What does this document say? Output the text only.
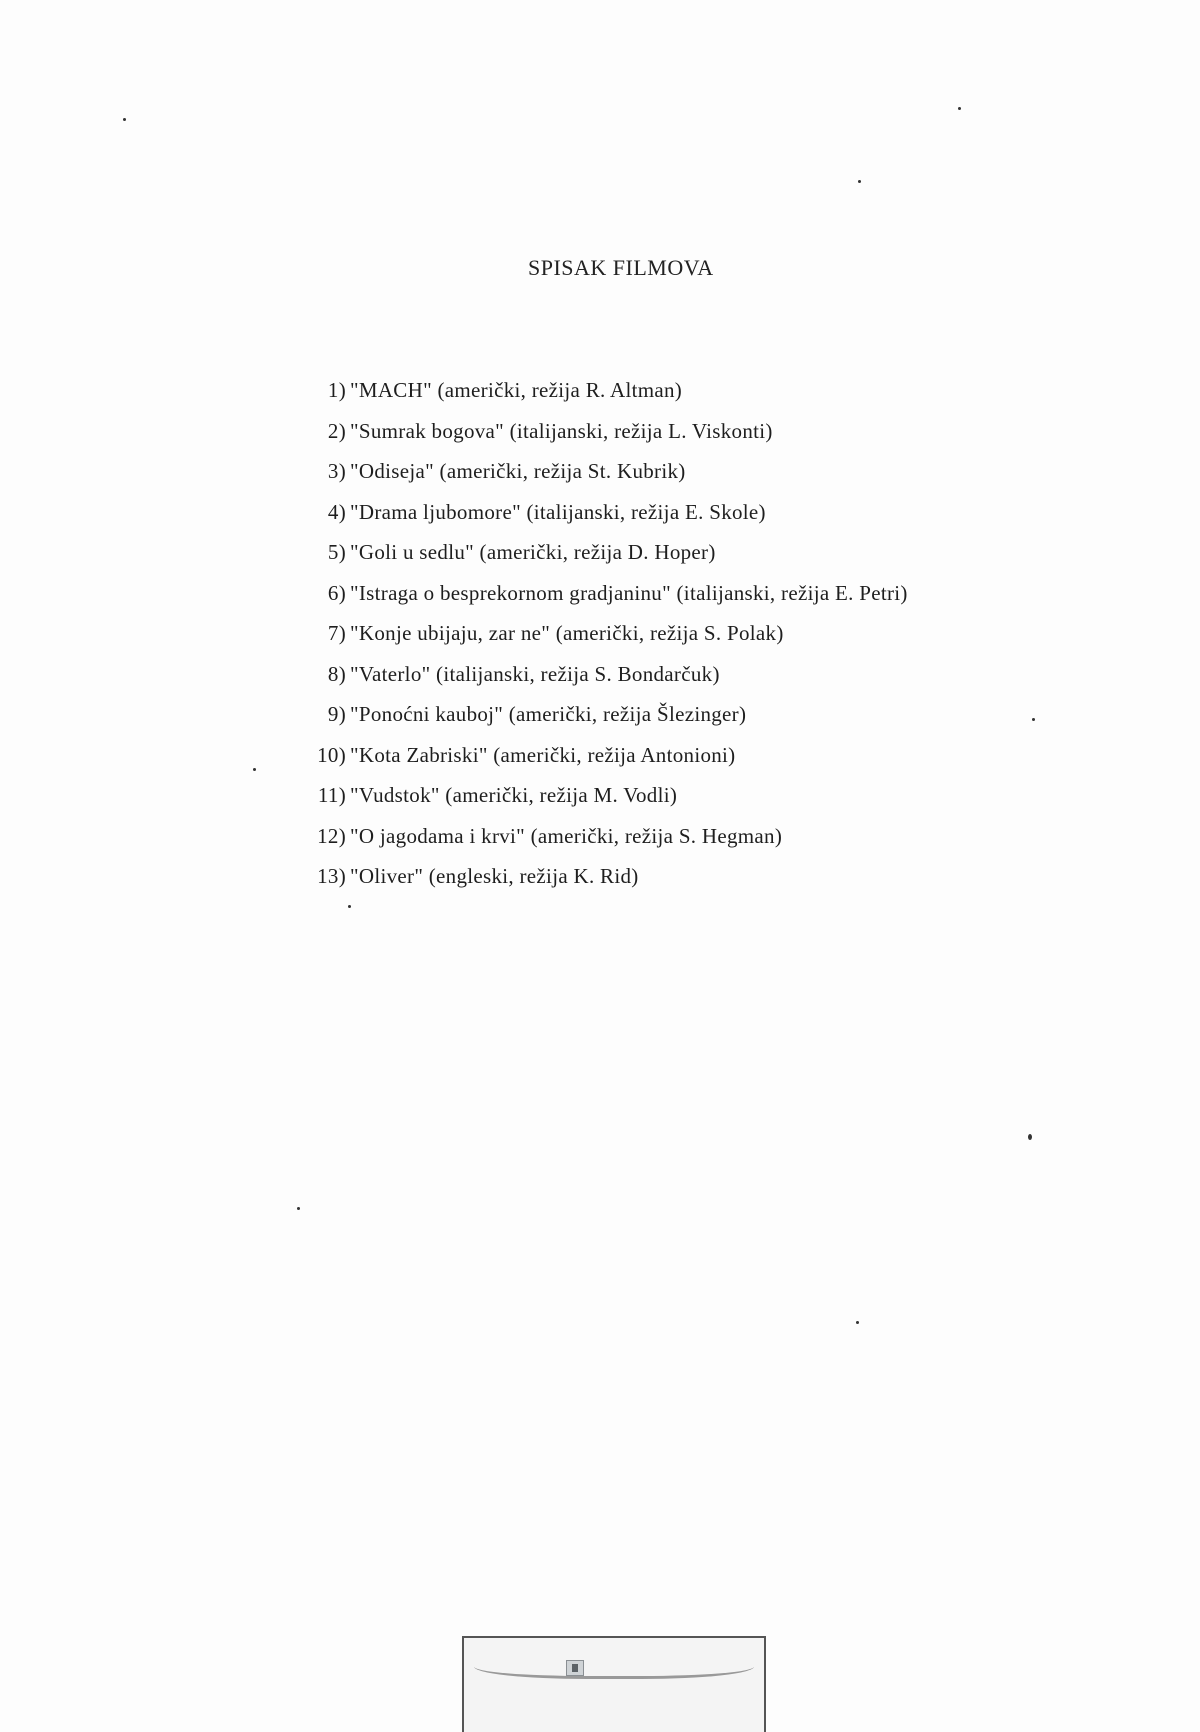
SPISAK FILMOVA
1) "MACH" (američki, režija R. Altman)
2) "Sumrak bogova" (italijanski, režija L. Viskonti)
3) "Odiseja" (američki, režija St. Kubrik)
4) "Drama ljubomore" (italijanski, režija E. Skole)
5) "Goli u sedlu" (američki, režija D. Hoper)
6) "Istraga o besprekornom gradjaninu" (italijanski, režija E. Petri)
7) "Konje ubijaju, zar ne" (američki, režija S. Polak)
8) "Vaterlo" (italijanski, režija S. Bondarčuk)
9) "Ponoćni kauboj" (američki, režija Šlezinger)
10) "Kota Zabriski" (američki, režija Antonioni)
11) "Vudstok" (američki, režija M. Vodli)
12) "O jagodama i krvi" (američki, režija S. Hegman)
13) "Oliver" (engleski, režija K. Rid)
